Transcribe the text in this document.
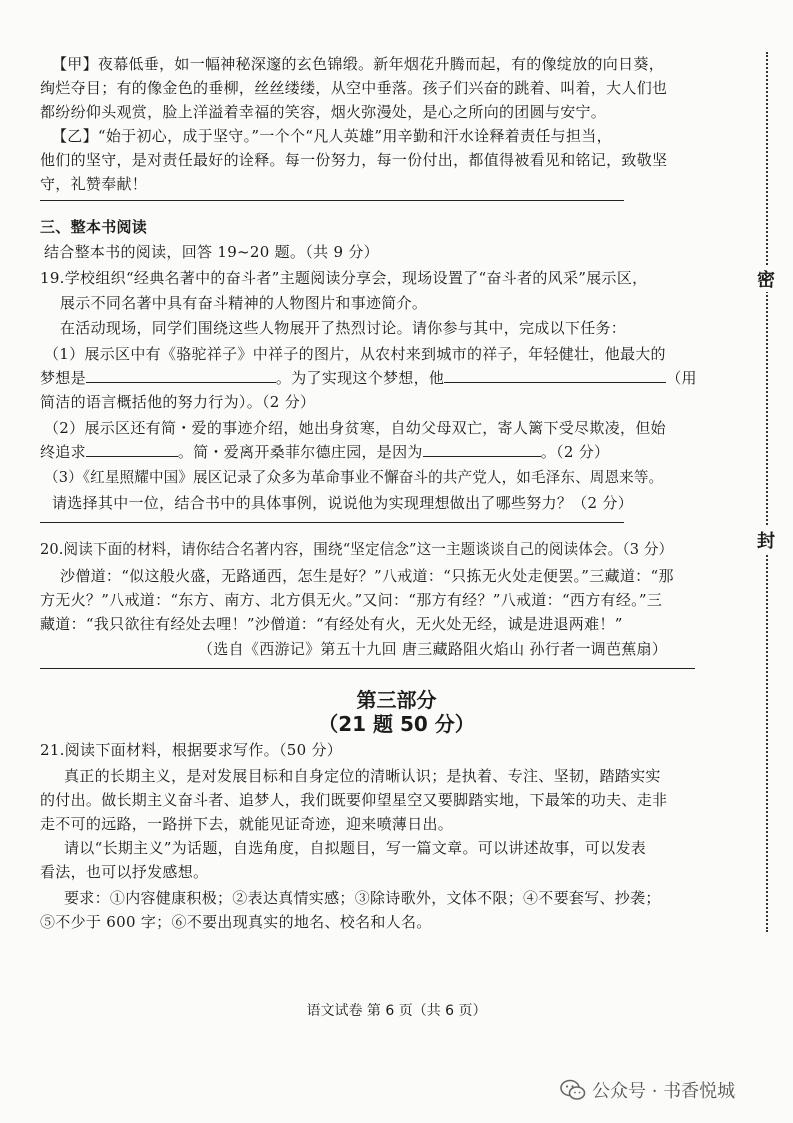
【甲】夜幕低垂，如一幅神秘深邃的玄色锦缎。新年烟花升腾而起，有的像绽放的向日葵，
绚烂夺目；有的像金色的垂柳，丝丝缕缕，从空中垂落。孩子们兴奋的跳着、叫着，大人们也
都纷纷仰头观赏，脸上洋溢着幸福的笑容，烟火弥漫处，是心之所向的团圆与安宁。
【乙】“始于初心，成于坚守。”一个个“凡人英雄”用辛勤和汗水诠释着责任与担当，
他们的坚守，是对责任最好的诠释。每一份努力，每一份付出，都值得被看见和铭记，致敬坚
守，礼赞奉献！
三、整本书阅读
结合整本书的阅读，回答 19~20 题。（共 9 分）
19.学校组织“经典名著中的奋斗者”主题阅读分享会，现场设置了“奋斗者的风采”展示区，
展示不同名著中具有奋斗精神的人物图片和事迹简介。
在活动现场，同学们围绕这些人物展开了热烈讨论。请你参与其中，完成以下任务：
（1）展示区中有《骆驼祥子》中祥子的图片，从农村来到城市的祥子，年轻健壮，他最大的
梦想是	。为了实现这个梦想，他	（用
简洁的语言概括他的努力行为）。（2 分）
（2）展示区还有简・爱的事迹介绍，她出身贫寒，自幼父母双亡，寄人篱下受尽欺凌，但始
终追求	。简・爱离开桑菲尔德庄园，是因为	。（2 分）
（3）《红星照耀中国》展区记录了众多为革命事业不懈奋斗的共产党人，如毛泽东、周恩来等。
请选择其中一位，结合书中的具体事例，说说他为实现理想做出了哪些努力？（2 分）
20.阅读下面的材料，请你结合名著内容，围绕“坚定信念”这一主题谈谈自己的阅读体会。（3 分）
沙僧道：“似这般火盛，无路通西，怎生是好？”八戒道：“只拣无火处走便罢。”三藏道：“那
方无火？”八戒道：“东方、南方、北方俱无火。”又问：“那方有经？”八戒道：“西方有经。”三
藏道：“我只欲往有经处去哩！”沙僧道：“有经处有火，无火处无经，诚是进退两难！”
（选自《西游记》第五十九回 唐三藏路阻火焰山 孙行者一调芭蕉扇）
第三部分
（21 题 50 分）
21.阅读下面材料，根据要求写作。（50 分）
真正的长期主义，是对发展目标和自身定位的清晰认识；是执着、专注、坚韧，踏踏实实
的付出。做长期主义奋斗者、追梦人，我们既要仰望星空又要脚踏实地，下最笨的功夫、走非
走不可的远路，一路拼下去，就能见证奇迹，迎来喷薄日出。
请以“长期主义”为话题，自选角度，自拟题目，写一篇文章。可以讲述故事，可以发表
看法，也可以抒发感想。
要求：①内容健康积极；②表达真情实感；③除诗歌外，文体不限；④不要套写、抄袭；
⑤不少于 600 字；⑥不要出现真实的地名、校名和人名。
密
封
语文试卷 第 6 页（共 6 页）
公众号 · 书香悦城
